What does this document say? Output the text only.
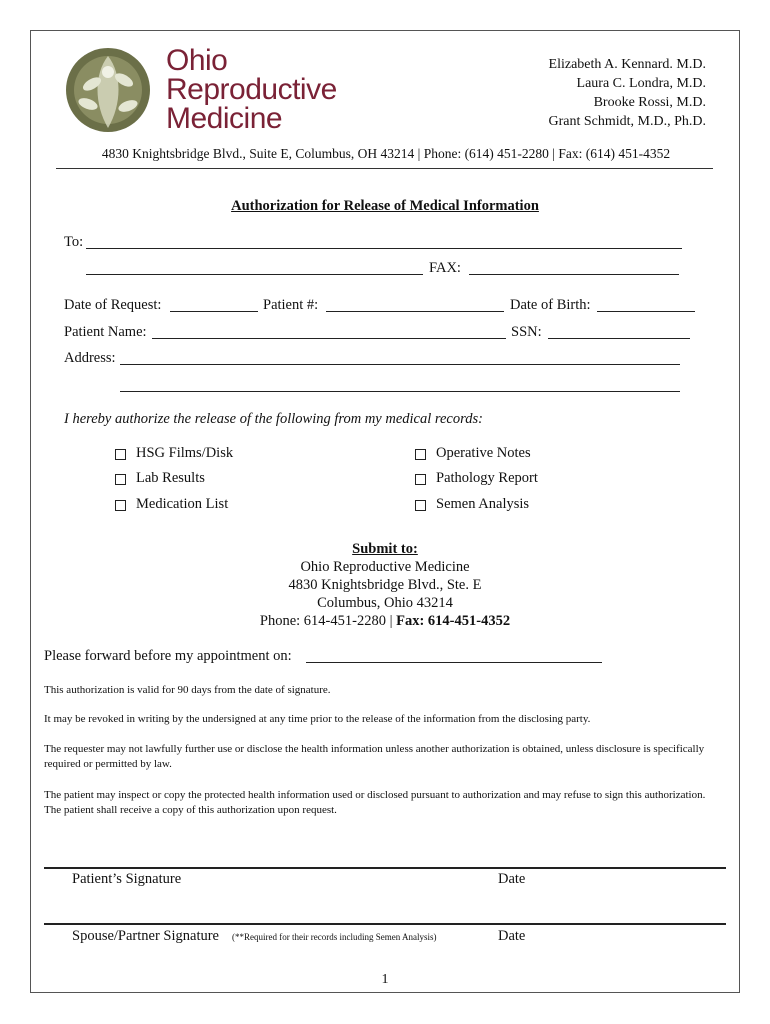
Ohio
Reproductive
Medicine
Elizabeth A. Kennard. M.D.
Laura C. Londra, M.D.
Brooke Rossi, M.D.
Grant Schmidt, M.D., Ph.D.
4830 Knightsbridge Blvd., Suite E, Columbus, OH 43214 | Phone: (614) 451-2280 | Fax: (614) 451-4352
Authorization for Release of Medical Information
To:
FAX:
Date of Request:	Patient #:	Date of Birth:
Patient Name:	SSN:
Address:
I hereby authorize the release of the following from my medical records:
HSG Films/Disk
Lab Results
Medication List
Operative Notes
Pathology Report
Semen Analysis
Submit to:
Ohio Reproductive Medicine
4830 Knightsbridge Blvd., Ste. E
Columbus, Ohio 43214
Phone: 614-451-2280 | Fax: 614-451-4352
Please forward before my appointment on:
This authorization is valid for 90 days from the date of signature.
It may be revoked in writing by the undersigned at any time prior to the release of the information from the disclosing party.
The requester may not lawfully further use or disclose the health information unless another authorization is obtained, unless disclosure is specifically required or permitted by law.
The patient may inspect or copy the protected health information used or disclosed pursuant to authorization and may refuse to sign this authorization. The patient shall receive a copy of this authorization upon request.
Patient’s Signature	Date
Spouse/Partner Signature (**Required for their records including Semen Analysis)	Date
1
